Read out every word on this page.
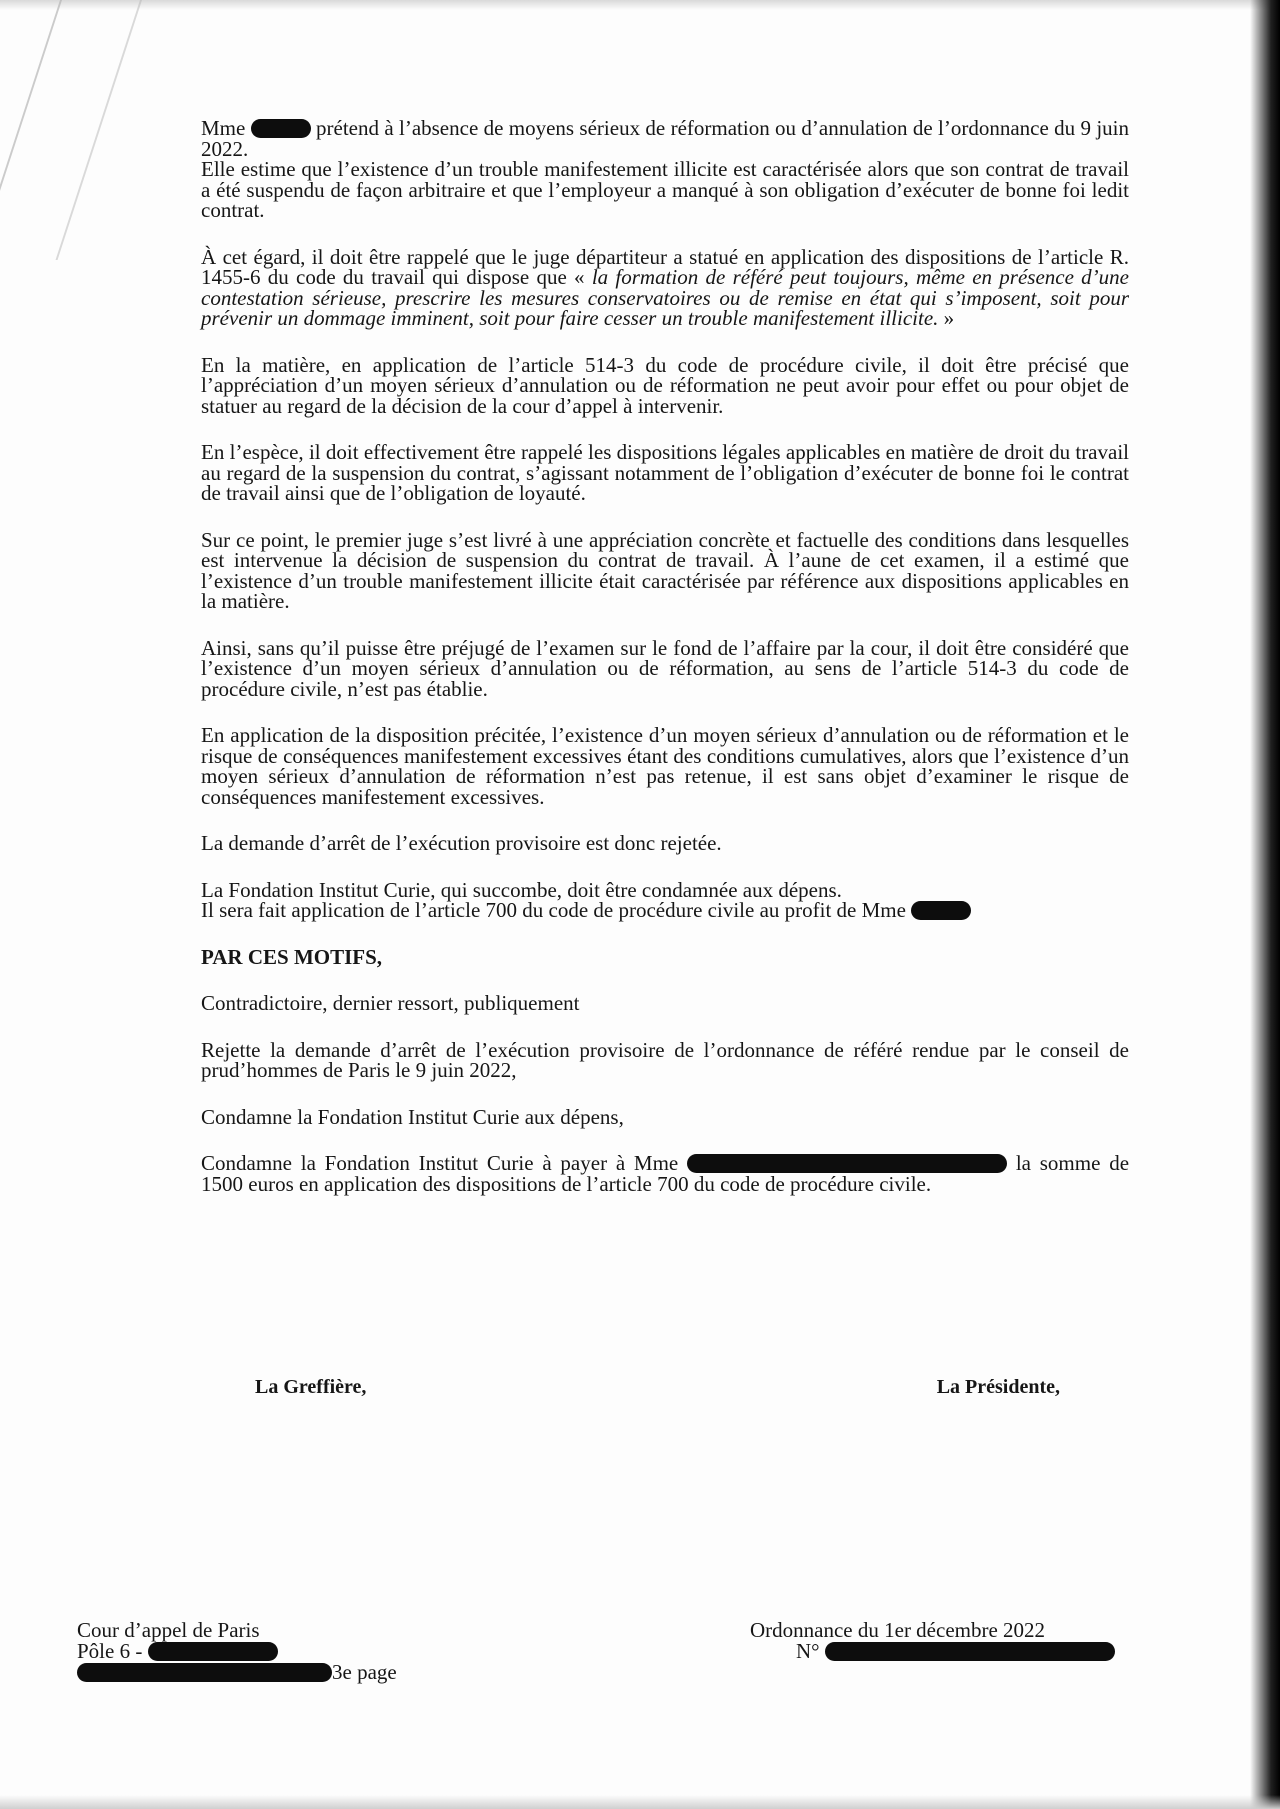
Mme	prétend à l’absence de moyens sérieux de réformation ou d’annulation de l’ordonnance du 9 juin 2022.

Elle estime que l’existence d’un trouble manifestement illicite est caractérisée alors que son contrat de travail a été suspendu de façon arbitraire et que l’employeur a manqué à son obligation d’exécuter de bonne foi ledit contrat.

À cet égard, il doit être rappelé que le juge départiteur a statué en application des dispositions de l’article R. 1455-6 du code du travail qui dispose que « la formation de référé peut toujours, même en présence d’une contestation sérieuse, prescrire les mesures conservatoires ou de remise en état qui s’imposent, soit pour prévenir un dommage imminent, soit pour faire cesser un trouble manifestement illicite. »

En la matière, en application de l’article 514-3 du code de procédure civile, il doit être précisé que l’appréciation d’un moyen sérieux d’annulation ou de réformation ne peut avoir pour effet ou pour objet de statuer au regard de la décision de la cour d’appel à intervenir.

En l’espèce, il doit effectivement être rappelé les dispositions légales applicables en matière de droit du travail au regard de la suspension du contrat, s’agissant notamment de l’obligation d’exécuter de bonne foi le contrat de travail ainsi que de l’obligation de loyauté.

Sur ce point, le premier juge s’est livré à une appréciation concrète et factuelle des conditions dans lesquelles est intervenue la décision de suspension du contrat de travail. À l’aune de cet examen, il a estimé que l’existence d’un trouble manifestement illicite était caractérisée par référence aux dispositions applicables en la matière.

Ainsi, sans qu’il puisse être préjugé de l’examen sur le fond de l’affaire par la cour, il doit être considéré que l’existence d’un moyen sérieux d’annulation ou de réformation, au sens de l’article 514-3 du code de procédure civile, n’est pas établie.

En application de la disposition précitée, l’existence d’un moyen sérieux d’annulation ou de réformation et le risque de conséquences manifestement excessives étant des conditions cumulatives, alors que l’existence d’un moyen sérieux d’annulation de réformation n’est pas retenue, il est sans objet d’examiner le risque de conséquences manifestement excessives.

La demande d’arrêt de l’exécution provisoire est donc rejetée.

La Fondation Institut Curie, qui succombe, doit être condamnée aux dépens.

Il sera fait application de l’article 700 du code de procédure civile au profit de Mme

PAR CES MOTIFS,

Contradictoire, dernier ressort, publiquement

Rejette la demande d’arrêt de l’exécution provisoire de l’ordonnance de référé rendue par le conseil de prud’hommes de Paris le 9 juin 2022,

Condamne la Fondation Institut Curie aux dépens,

Condamne la Fondation Institut Curie à payer à Mme	la somme de 1500 euros en application des dispositions de l’article 700 du code de procédure civile.

La Greffière,	La Présidente,
Cour d’appel de Paris
Pôle 6 -
3e page
Ordonnance du 1er décembre 2022
N°
